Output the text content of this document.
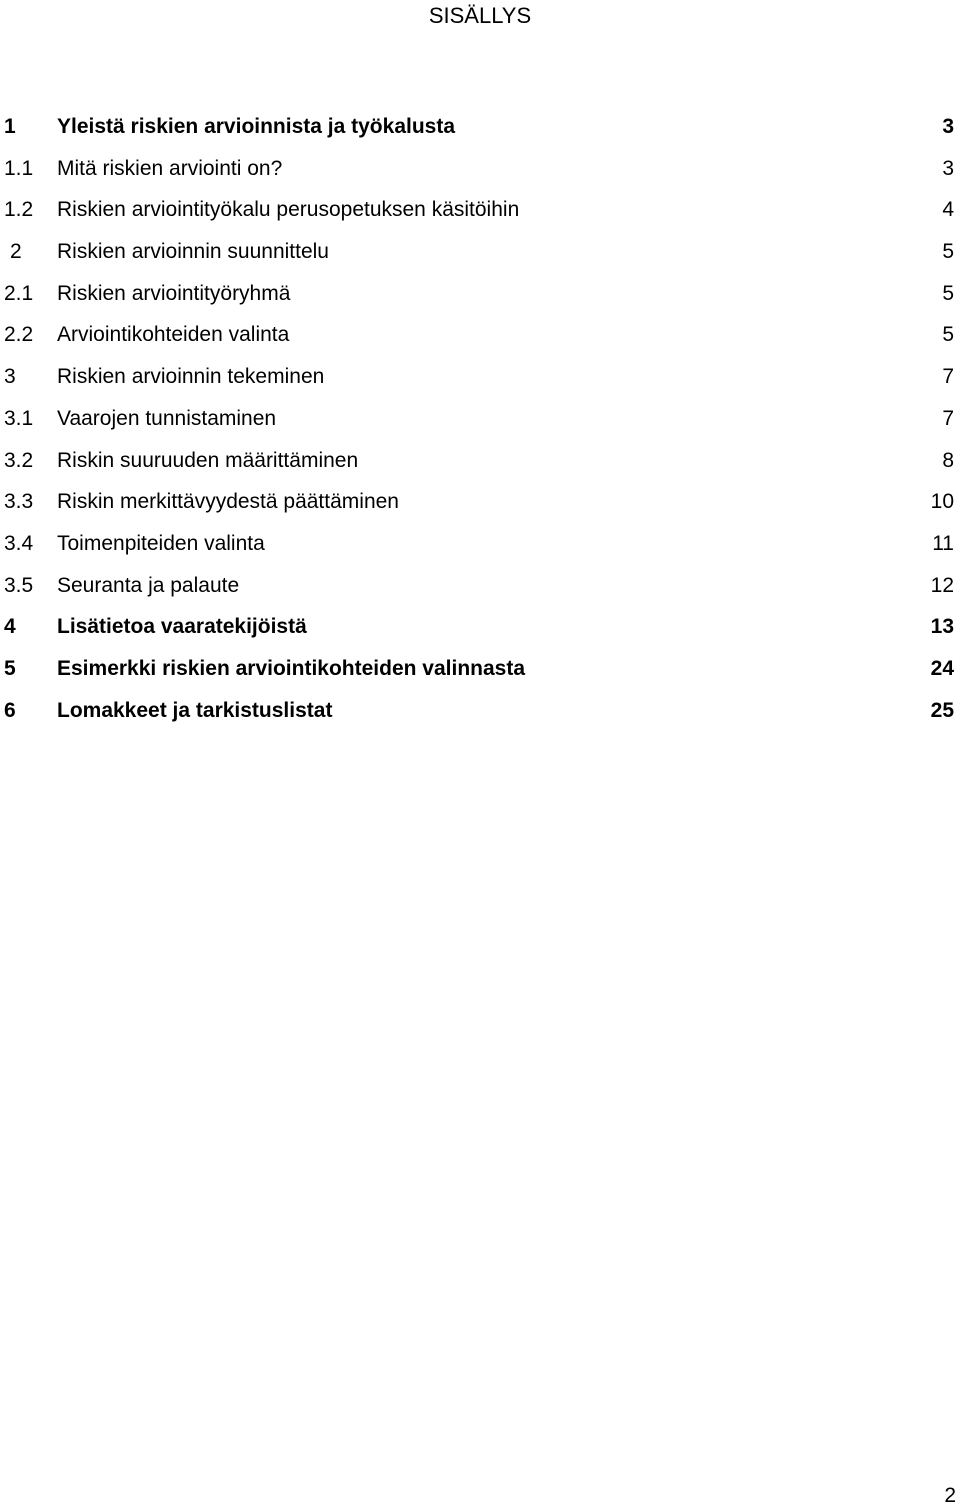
SISÄLLYS
1 Yleistä riskien arvioinnista ja työkalusta	3
1.1 Mitä riskien arviointi on?	3
1.2 Riskien arviointityökalu perusopetuksen käsitöihin	4
2 Riskien arvioinnin suunnittelu	5
2.1 Riskien arviointityöryhmä	5
2.2 Arviointikohteiden valinta	5
3 Riskien arvioinnin tekeminen	7
3.1 Vaarojen tunnistaminen	7
3.2 Riskin suuruuden määrittäminen	8
3.3 Riskin merkittävyydestä päättäminen	10
3.4 Toimenpiteiden valinta	11
3.5 Seuranta ja palaute	12
4 Lisätietoa vaaratekijöistä	13
5 Esimerkki riskien arviointikohteiden valinnasta	24
6 Lomakkeet ja tarkistuslistat	25
2
